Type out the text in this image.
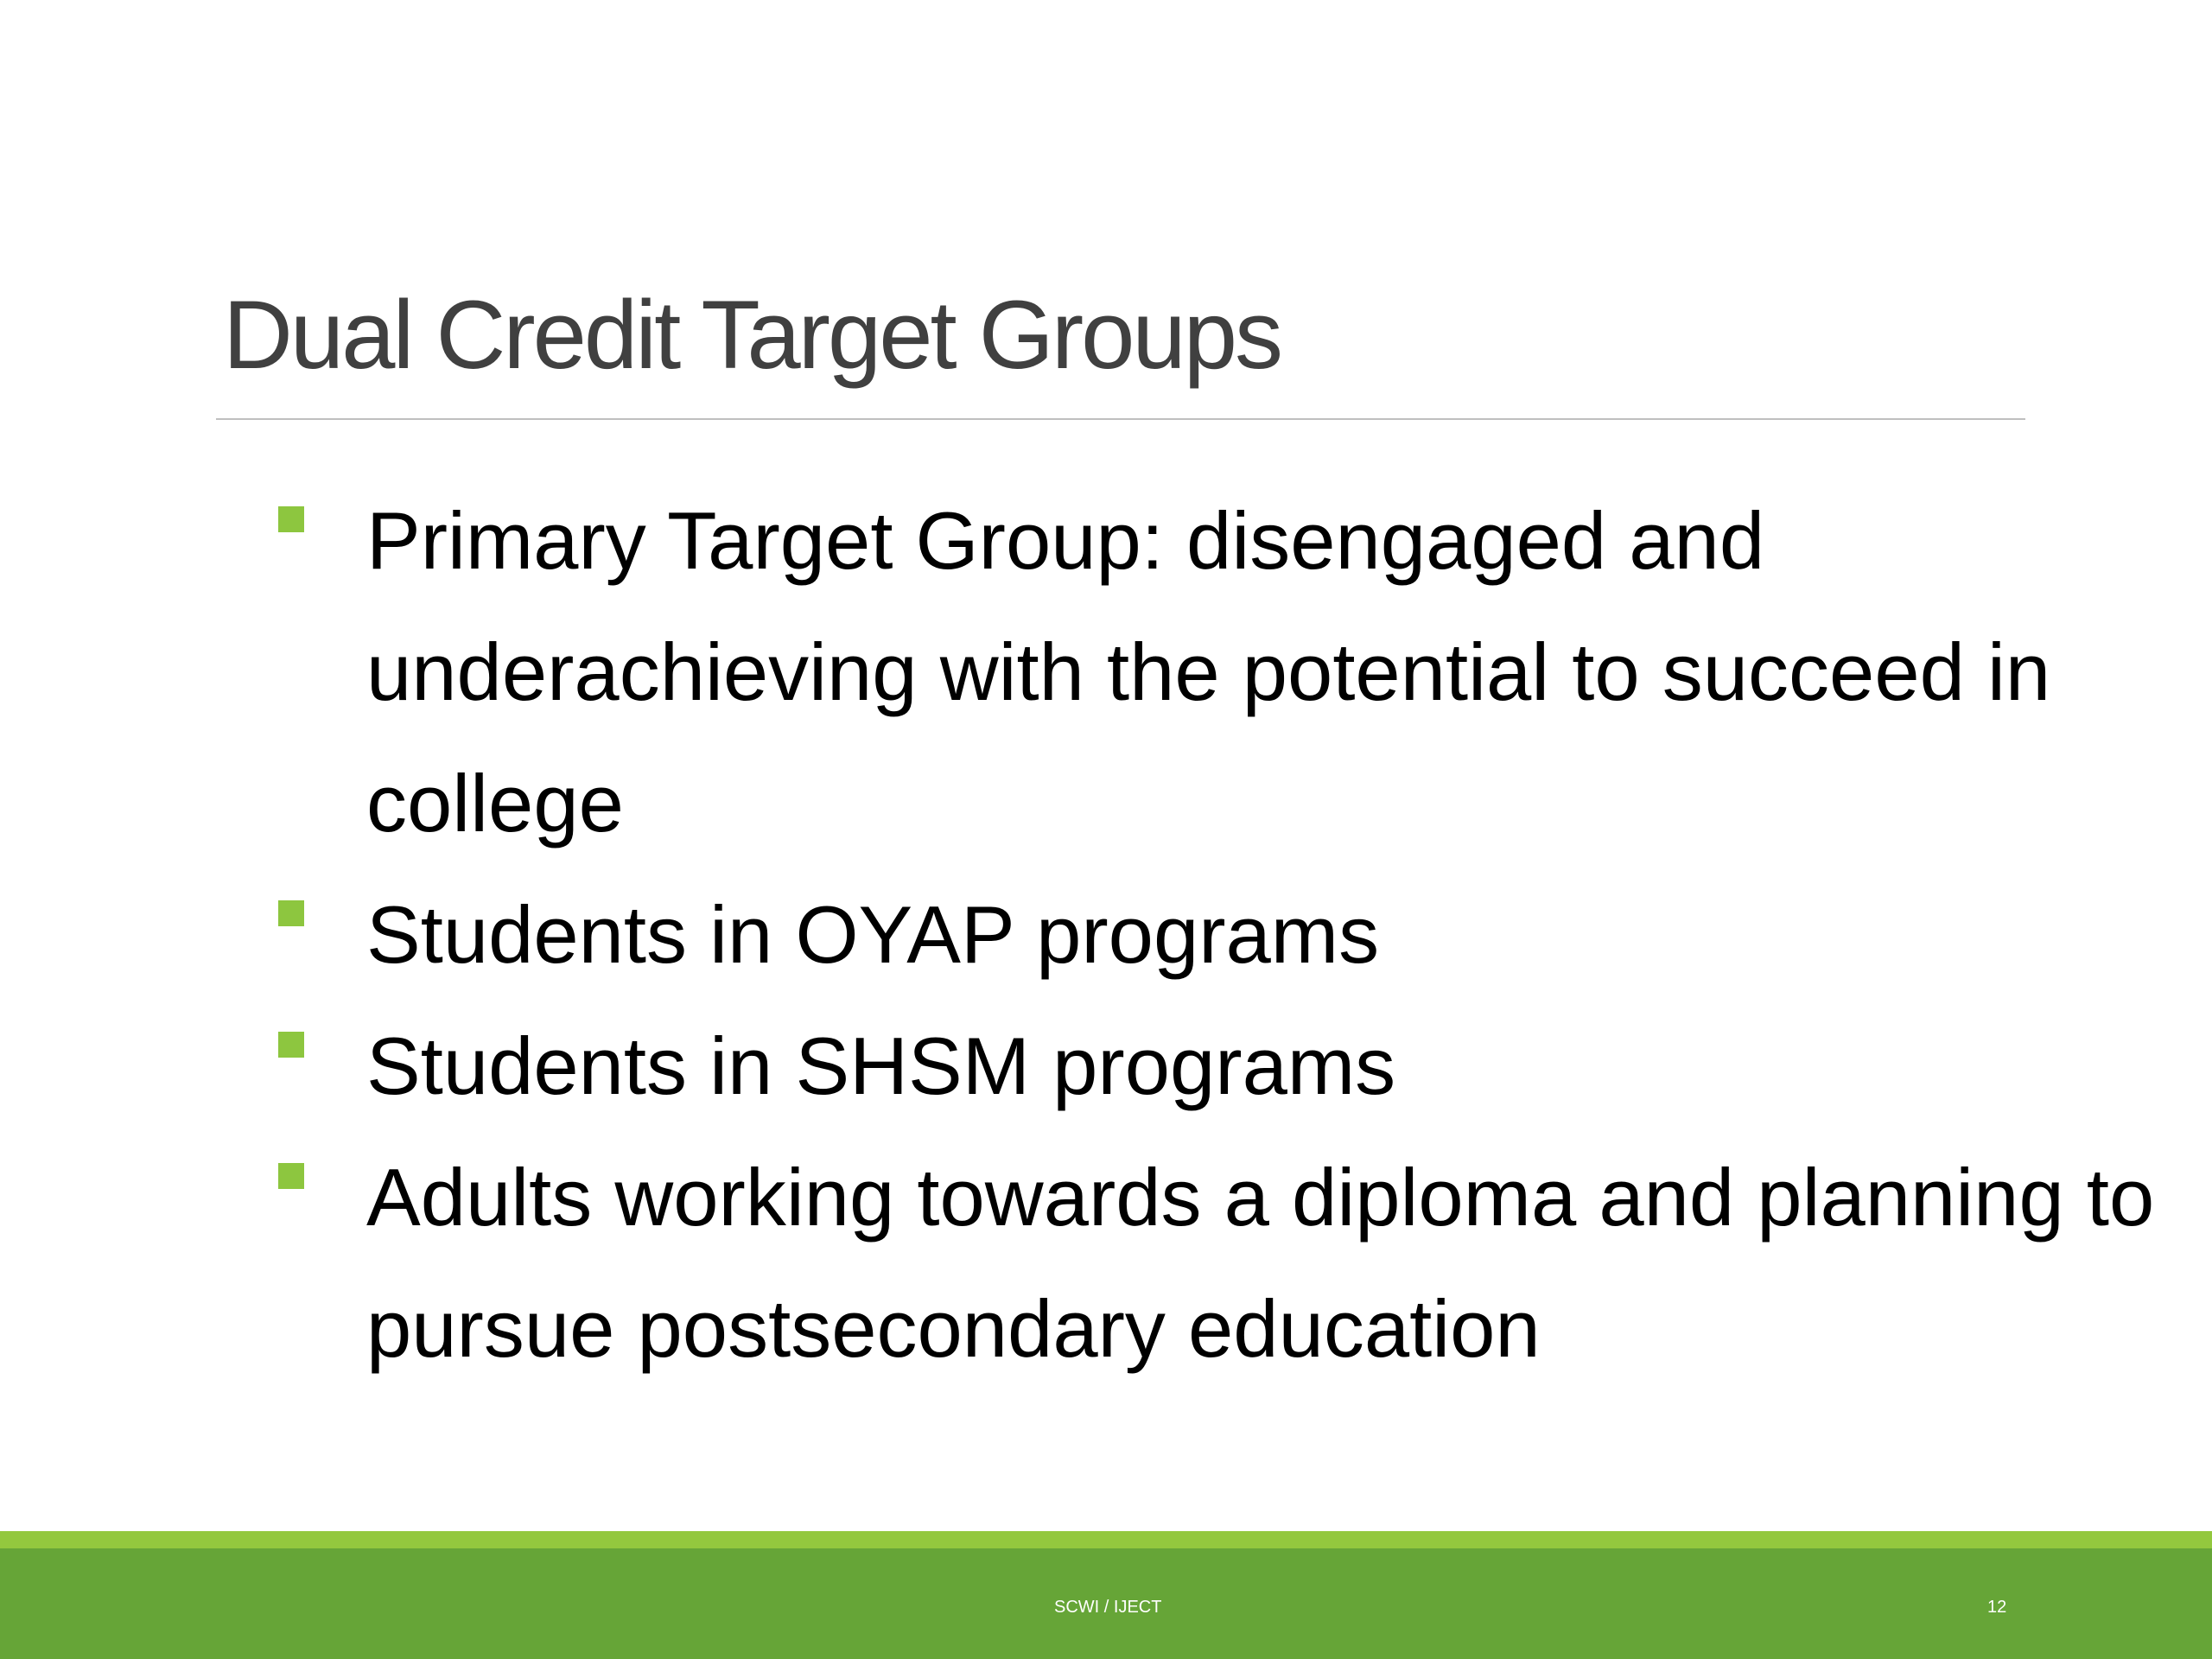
Dual Credit Target Groups
Primary Target Group: disengaged and underachieving with the potential to succeed in college
Students in OYAP programs
Students in SHSM programs
Adults working towards a diploma and planning to pursue postsecondary education
SCWI / IJECT	12
